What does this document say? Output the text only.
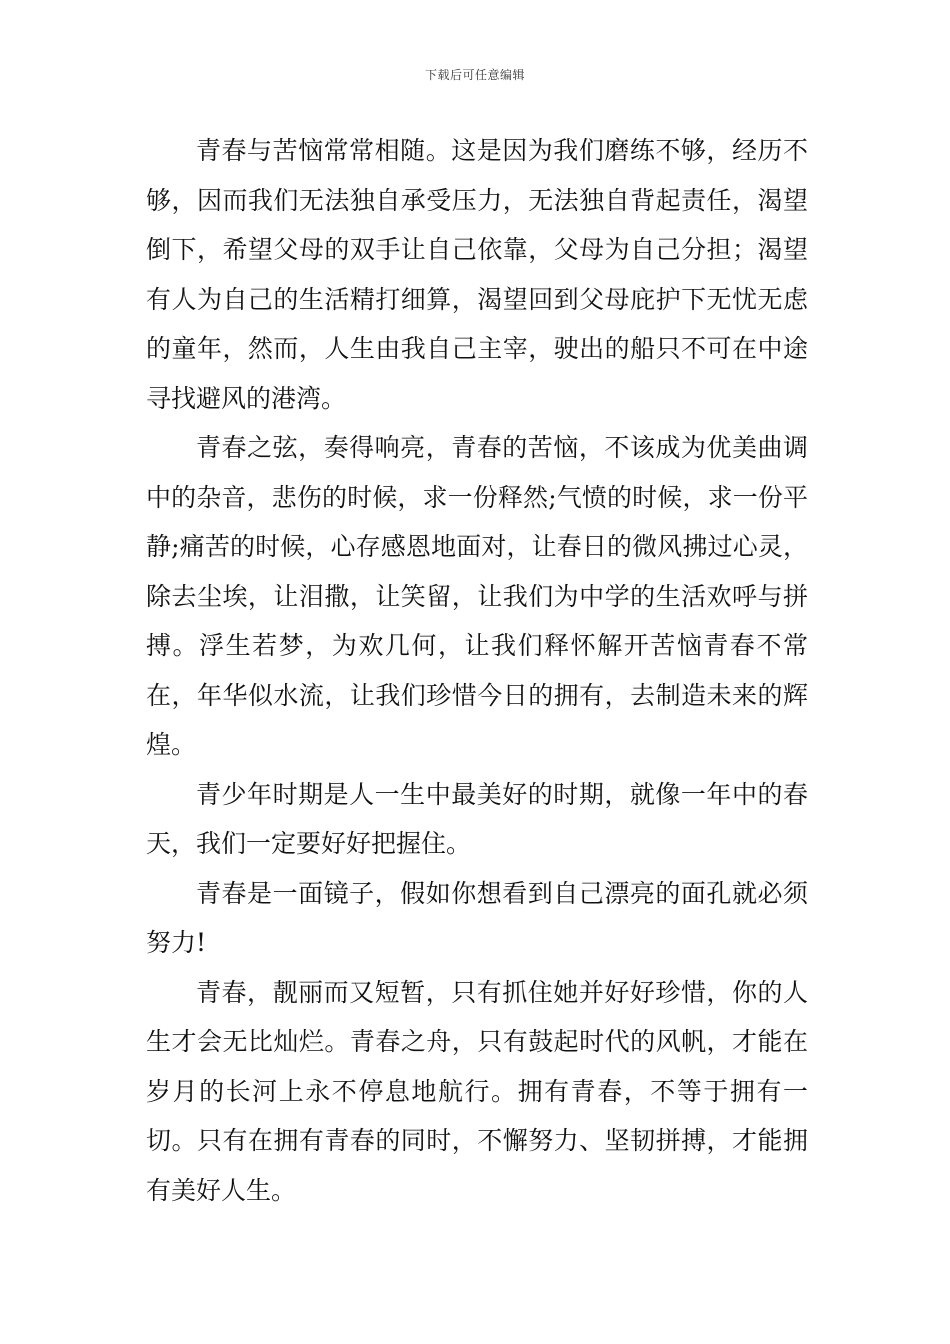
下载后可任意编辑

青春与苦恼常常相随。这是因为我们磨练不够，经历不够，因而我们无法独自承受压力，无法独自背起责任，渴望倒下，希望父母的双手让自己依靠，父母为自己分担；渴望有人为自己的生活精打细算，渴望回到父母庇护下无忧无虑的童年，然而，人生由我自己主宰，驶出的船只不可在中途寻找避风的港湾。

青春之弦，奏得响亮，青春的苦恼，不该成为优美曲调中的杂音，悲伤的时候，求一份释然;气愤的时候，求一份平静;痛苦的时候，心存感恩地面对，让春日的微风拂过心灵，除去尘埃，让泪撒，让笑留，让我们为中学的生活欢呼与拼搏。浮生若梦，为欢几何，让我们释怀解开苦恼青春不常在，年华似水流，让我们珍惜今日的拥有，去制造未来的辉煌。

青少年时期是人一生中最美好的时期，就像一年中的春天，我们一定要好好把握住。

青春是一面镜子，假如你想看到自己漂亮的面孔就必须努力!

青春，靓丽而又短暂，只有抓住她并好好珍惜，你的人生才会无比灿烂。青春之舟，只有鼓起时代的风帆，才能在岁月的长河上永不停息地航行。拥有青春，不等于拥有一切。只有在拥有青春的同时，不懈努力、坚韧拼搏，才能拥有美好人生。
